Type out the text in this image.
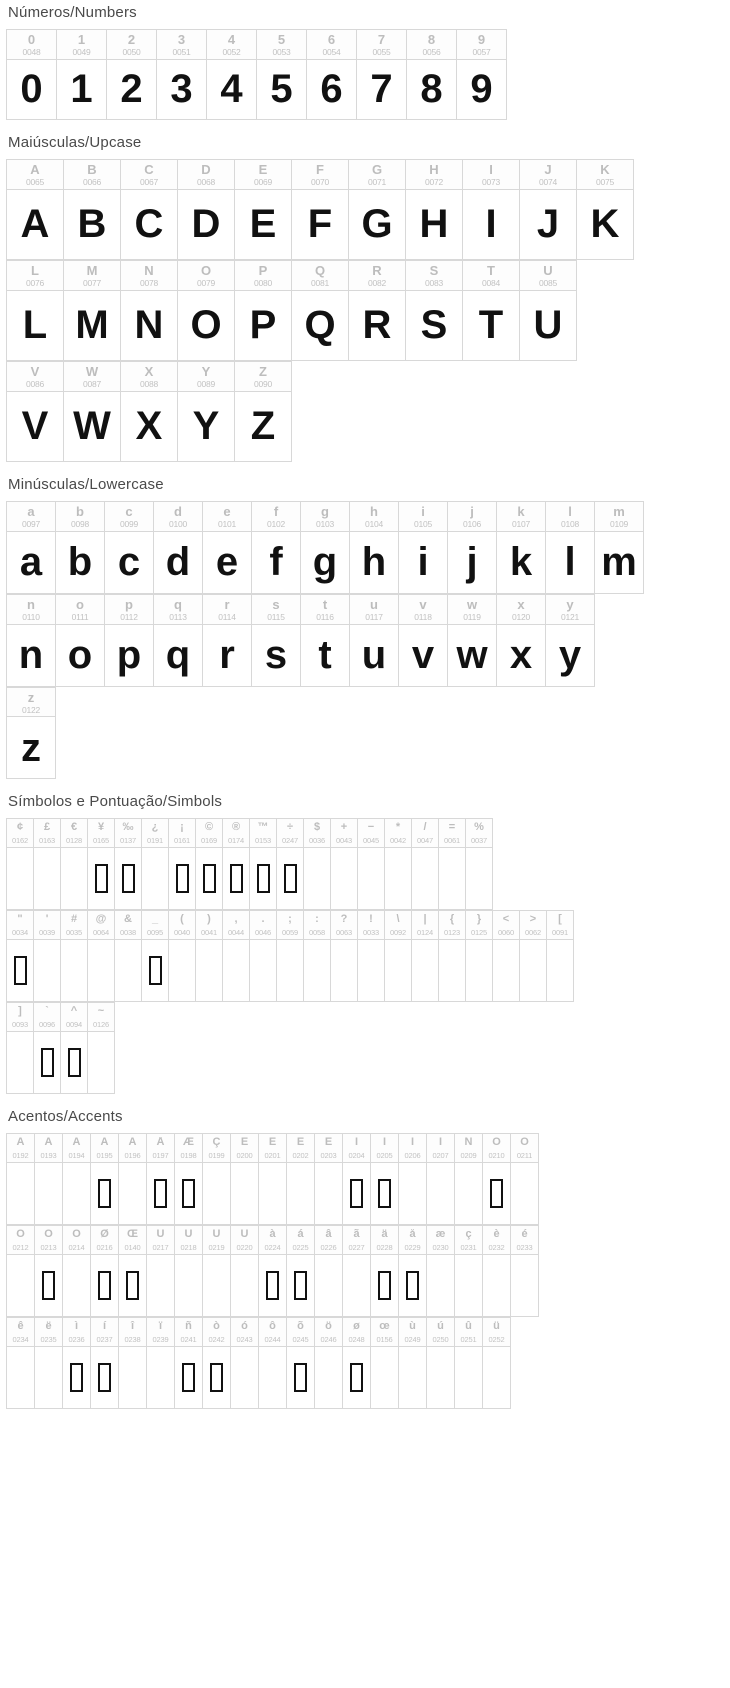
Números/Numbers
0
0048
1
0049
2
0050
3
0051
4
0052
5
0053
6
0054
7
0055
8
0056
9
0057
0 1 2 3 4 5 6 7 8 9
Maiúsculas/Upcase
A
0065
B
0066
C
0067
D
0068
E
0069
F
0070
G
0071
H
0072
I
0073
J
0074
K
0075
A B C D E F G H I J K
L
0076
M
0077
N
0078
O
0079
P
0080
Q
0081
R
0082
S
0083
T
0084
U
0085
L M N O P Q R S T U
V
0086
W
0087
X
0088
Y
0089
Z
0090
V W X Y Z
Minúsculas/Lowercase
a
0097
b
0098
c
0099
d
0100
e
0101
f
0102
g
0103
h
0104
i
0105
j
0106
k
0107
l
0108
m
0109
a b c d e f g h i j k l m
n
0110
o
0111
p
0112
q
0113
r
0114
s
0115
t
0116
u
0117
v
0118
w
0119
x
0120
y
0121
n o p q r s t u v w x y
z
0122
z
Símbolos e Pontuação/Simbols
¢
0162
£
0163
€
0128
¥
0165
‰
0137
¿
0191
¡
0161
©
0169
®
0174
™
0153
÷
0247
$
0036
+
0043
−
0045
*
0042
/
0047
=
0061
%
0037
"
0034
'
0039
#
0035
@
0064
&
0038
_
0095
(
0040
)
0041
,
0044
.
0046
;
0059
:
0058
?
0063
!
0033
\
0092
|
0124
{
0123
}
0125
<
0060
>
0062
[
0091
]
0093
`
0096
^
0094
~
0126
Acentos/Accents
À
0192
Á
0193
Â
0194
Ã
0195
Ä
0196
Å
0197
Æ
0198
Ç
0199
È
0200
É
0201
Ê
0202
Ë
0203
Ì
0204
Í
0205
Î
0206
Ï
0207
Ñ
0209
Ò
0210
Ó
0211
Ô
0212
Ö
0213
Õ
0214
Ø
0216
Œ
0140
Ù
0217
Ú
0218
Û
0219
Ü
0220
à
0224
á
0225
â
0226
ã
0227
ä
0228
å
0229
æ
0230
ç
0231
è
0232
é
0233
ê
0234
ë
0235
ì
0236
í
0237
î
0238
ï
0239
ñ
0241
ò
0242
ó
0243
ô
0244
õ
0245
ö
0246
ø
0248
œ
0156
ù
0249
ú
0250
û
0251
ü
0252
